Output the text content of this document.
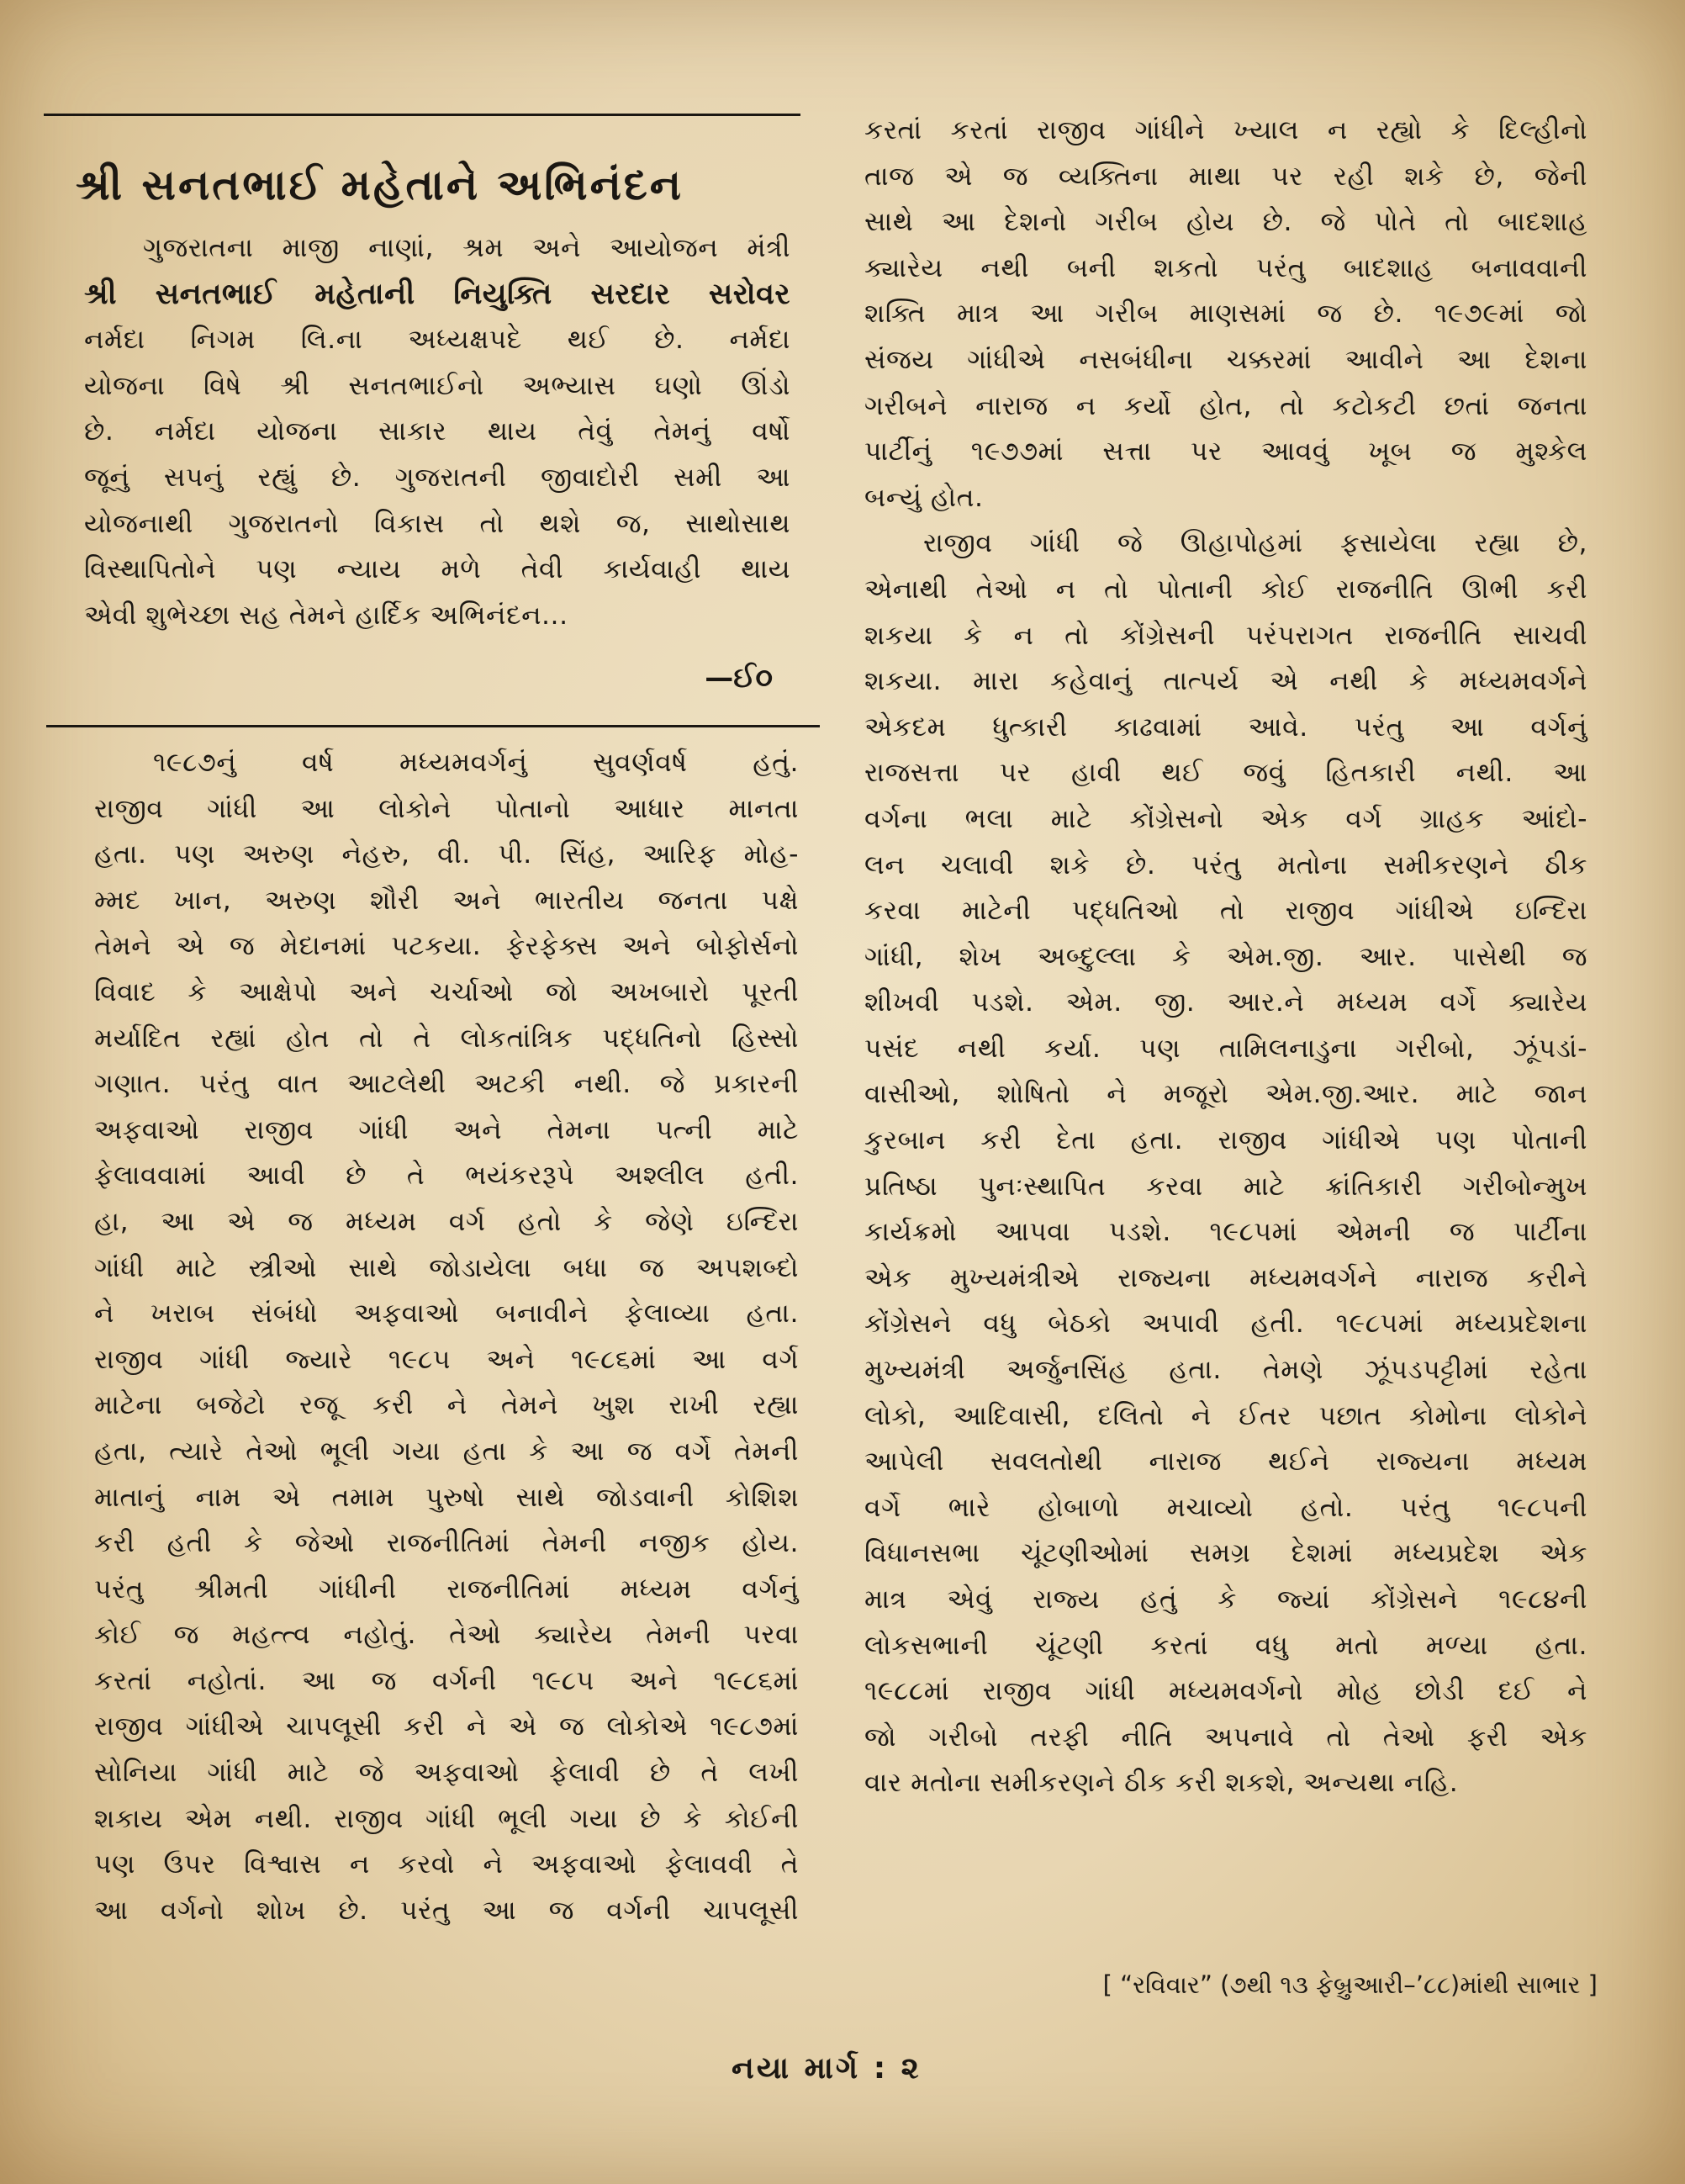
શ્રી સનતભાઈ મહેતાને અભિનંદન
ગુજરાતના માજી નાણાં, શ્રમ અને આયોજન મંત્રી
શ્રી સનતભાઈ મહેતાની નિયુક્તિ સરદાર સરોવર
નર્મદા નિગમ લિ.ના અધ્યક્ષપદે થઈ છે. નર્મદા
યોજના વિષે શ્રી સનતભાઈનો અભ્યાસ ઘણો ઊંડો
છે. નર્મદા યોજના સાકાર થાય તેવું તેમનું વર્ષો
જૂનું સપનું રહ્યું છે. ગુજરાતની જીવાદોરી સમી આ
યોજનાથી ગુજરાતનો વિકાસ તો થશે જ, સાથોસાથ
વિસ્થાપિતોને પણ ન્યાય મળે તેવી કાર્યવાહી થાય
એવી શુભેચ્છા સહ તેમને હાર્દિક અભિનંદન...
—ઈ૦
૧૯૮૭નું વર્ષ મધ્યમવર્ગનું સુવર્ણવર્ષ હતું.
રાજીવ ગાંધી આ લોકોને પોતાનો આધાર માનતા
હતા. પણ અરુણ નેહરુ, વી. પી. સિંહ, આરિફ મોહ-
મ્મદ ખાન, અરુણ શૌરી અને ભારતીય જનતા પક્ષે
તેમને એ જ મેદાનમાં પટકયા. ફેરફેક્સ અને બોફોર્સનો
વિવાદ કે આક્ષેપો અને ચર્ચાઓ જો અખબારો પૂરતી
મર્યાદિત રહ્યાં હોત તો તે લોકતાંત્રિક પદ્ધતિનો હિસ્સો
ગણાત. પરંતુ વાત આટલેથી અટકી નથી. જે પ્રકારની
અફવાઓ રાજીવ ગાંધી અને તેમના પત્ની માટે
ફેલાવવામાં આવી છે તે ભયંકરરૂપે અશ્લીલ હતી.
હા, આ એ જ મધ્યમ વર્ગ હતો કે જેણે ઇન્દિરા
ગાંધી માટે સ્ત્રીઓ સાથે જોડાયેલા બધા જ અપશબ્દો
ને ખરાબ સંબંધો અફવાઓ બનાવીને ફેલાવ્યા હતા.
રાજીવ ગાંધી જ્યારે ૧૯૮૫ અને ૧૯૮૬માં આ વર્ગ
માટેના બજેટો રજૂ કરી ને તેમને ખુશ રાખી રહ્યા
હતા, ત્યારે તેઓ ભૂલી ગયા હતા કે આ જ વર્ગે તેમની
માતાનું નામ એ તમામ પુરુષો સાથે જોડવાની કોશિશ
કરી હતી કે જેઓ રાજનીતિમાં તેમની નજીક હોય.
પરંતુ શ્રીમતી ગાંધીની રાજનીતિમાં મધ્યમ વર્ગનું
કોઈ જ મહત્ત્વ નહોતું. તેઓ ક્યારેય તેમની પરવા
કરતાં નહોતાં. આ જ વર્ગની ૧૯૮૫ અને ૧૯૮૬માં
રાજીવ ગાંધીએ ચાપલૂસી કરી ને એ જ લોકોએ ૧૯૮૭માં
સોનિયા ગાંધી માટે જે અફવાઓ ફેલાવી છે તે લખી
શકાય એમ નથી. રાજીવ ગાંધી ભૂલી ગયા છે કે કોઈની
પણ ઉપર વિશ્વાસ ન કરવો ને અફવાઓ ફેલાવવી તે
આ વર્ગનો શોખ છે. પરંતુ આ જ વર્ગની ચાપલૂસી
કરતાં કરતાં રાજીવ ગાંધીને ખ્યાલ ન રહ્યો કે દિલ્હીનો
તાજ એ જ વ્યક્તિના માથા પર રહી શકે છે, જેની
સાથે આ દેશનો ગરીબ હોય છે. જે પોતે તો બાદશાહ
ક્યારેય નથી બની શકતો પરંતુ બાદશાહ બનાવવાની
શક્તિ માત્ર આ ગરીબ માણસમાં જ છે. ૧૯૭૯માં જો
સંજય ગાંધીએ નસબંધીના ચક્કરમાં આવીને આ દેશના
ગરીબને નારાજ ન કર્યો હોત, તો કટોકટી છતાં જનતા
પાર્ટીનું ૧૯૭૭માં સત્તા પર આવવું ખૂબ જ મુશ્કેલ
બન્યું હોત.
રાજીવ ગાંધી જે ઊહાપોહમાં ફસાયેલા રહ્યા છે,
એનાથી તેઓ ન તો પોતાની કોઈ રાજનીતિ ઊભી કરી
શકયા કે ન તો કોંગ્રેસની પરંપરાગત રાજનીતિ સાચવી
શકયા. મારા કહેવાનું તાત્પર્ય એ નથી કે મધ્યમવર્ગને
એકદમ ધુત્કારી કાઢવામાં આવે. પરંતુ આ વર્ગનું
રાજસત્તા પર હાવી થઈ જવું હિતકારી નથી. આ
વર્ગના ભલા માટે કોંગ્રેસનો એક વર્ગ ગ્રાહક આંદો-
લન ચલાવી શકે છે. પરંતુ મતોના સમીકરણને ઠીક
કરવા માટેની પદ્ધતિઓ તો રાજીવ ગાંધીએ ઇન્દિરા
ગાંધી, શેખ અબ્દુલ્લા કે એમ.જી. આર. પાસેથી જ
શીખવી પડશે. એમ. જી. આર.ને મધ્યમ વર્ગે ક્યારેય
પસંદ નથી કર્યા. પણ તામિલનાડુના ગરીબો, ઝૂંપડાં-
વાસીઓ, શોષિતો ને મજૂરો એમ.જી.આર. માટે જાન
કુરબાન કરી દેતા હતા. રાજીવ ગાંધીએ પણ પોતાની
પ્રતિષ્ઠા પુનઃસ્થાપિત કરવા માટે ક્રાંતિકારી ગરીબોન્મુખ
કાર્યક્રમો આપવા પડશે. ૧૯૮૫માં એમની જ પાર્ટીના
એક મુખ્યમંત્રીએ રાજ્યના મધ્યમવર્ગને નારાજ કરીને
કોંગ્રેસને વધુ બેઠકો અપાવી હતી. ૧૯૮૫માં મધ્યપ્રદેશના
મુખ્યમંત્રી અર્જુનસિંહ હતા. તેમણે ઝૂંપડપટ્ટીમાં રહેતા
લોકો, આદિવાસી, દલિતો ને ઈતર પછાત કોમોના લોકોને
આપેલી સવલતોથી નારાજ થઈને રાજ્યના મધ્યમ
વર્ગે ભારે હોબાળો મચાવ્યો હતો. પરંતુ ૧૯૮૫ની
વિધાનસભા ચૂંટણીઓમાં સમગ્ર દેશમાં મધ્યપ્રદેશ એક
માત્ર એવું રાજ્ય હતું કે જ્યાં કોંગ્રેસને ૧૯૮૪ની
લોકસભાની ચૂંટણી કરતાં વધુ મતો મળ્યા હતા.
૧૯૮૮માં રાજીવ ગાંધી મધ્યમવર્ગનો મોહ છોડી દઈ ને
જો ગરીબો તરફી નીતિ અપનાવે તો તેઓ ફરી એક
વાર મતોના સમીકરણને ઠીક કરી શકશે, અન્યથા નહિ.
[ “રવિવાર” (૭થી ૧૩ ફેબ્રુઆરી–’૮૮)માંથી સાભાર ]
નયા માર્ગ : ૨
